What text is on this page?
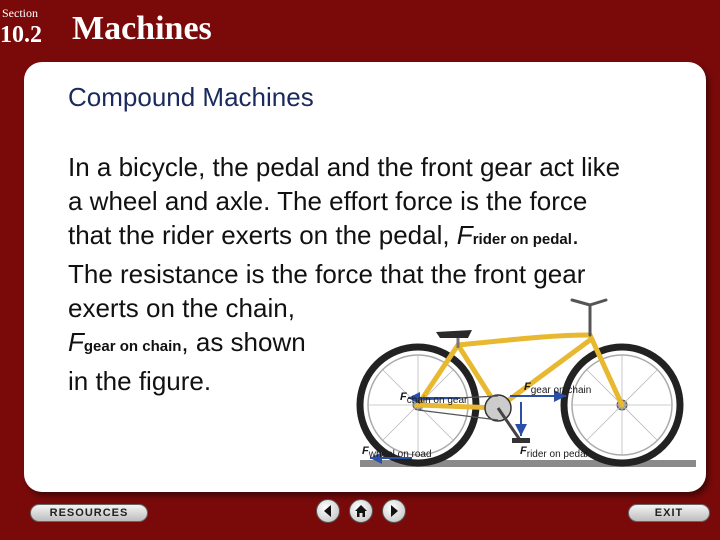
Section
10.2 Machines
Compound Machines
In a bicycle, the pedal and the front gear act like
a wheel and axle. The effort force is the force
that the rider exerts on the pedal, Frider on pedal.
The resistance is the force that the front gear
exerts on the chain,
Fgear on chain, as shown
in the figure.
Fchain on gear
Fgear on chain
Fwheel on road	Frider on pedal
RESOURCES	EXIT
